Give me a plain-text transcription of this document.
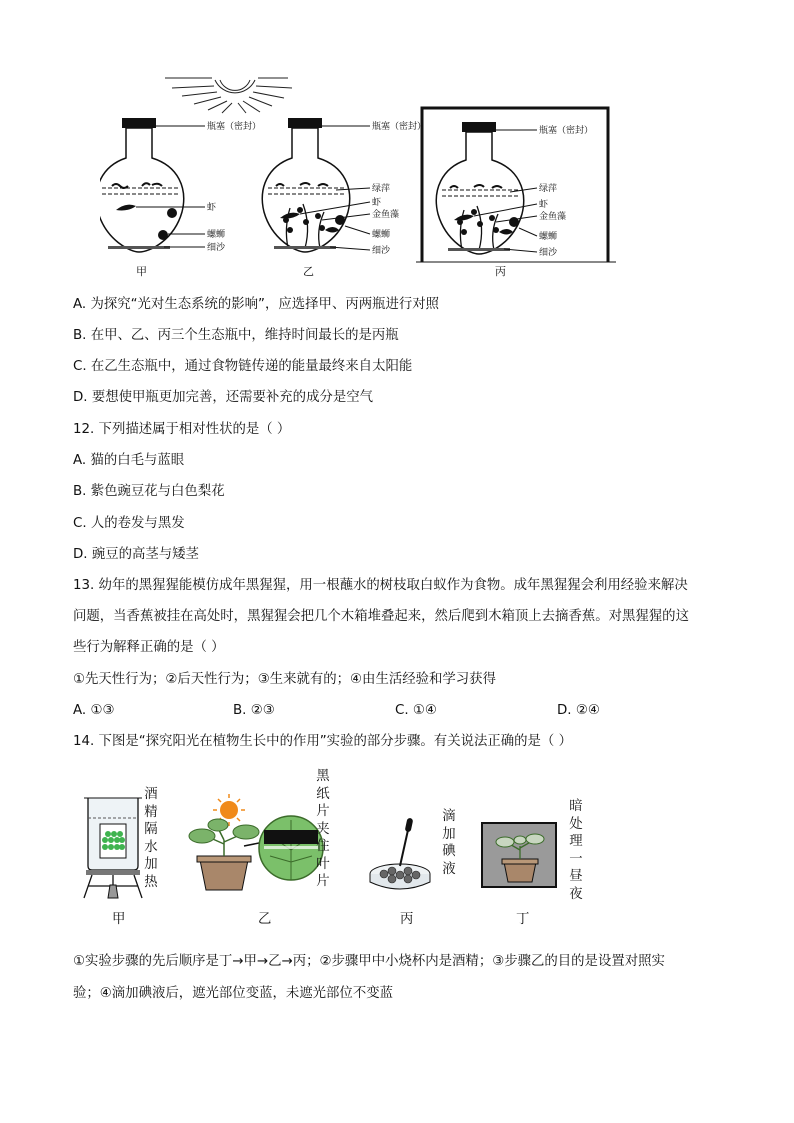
瓶塞（密封）
虾
螺蛳
细沙
甲
瓶塞（密封）
绿萍
虾
金鱼藻
螺蛳
细沙
乙
瓶塞（密封）
绿萍
虾
金鱼藻
螺蛳
细沙
丙
A. 为探究“光对生态系统的影响”，应选择甲、丙两瓶进行对照
B. 在甲、乙、丙三个生态瓶中，维持时间最长的是丙瓶
C. 在乙生态瓶中，通过食物链传递的能量最终来自太阳能
D. 要想使甲瓶更加完善，还需要补充的成分是空气
12. 下列描述属于相对性状的是（ ）
A. 猫的白毛与蓝眼
B. 紫色豌豆花与白色梨花
C. 人的卷发与黑发
D. 豌豆的高茎与矮茎
13. 幼年的黑猩猩能模仿成年黑猩猩，用一根蘸水的树枝取白蚁作为食物。成年黑猩猩会利用经验来解决
问题，当香蕉被挂在高处时，黑猩猩会把几个木箱堆叠起来，然后爬到木箱顶上去摘香蕉。对黑猩猩的这
些行为解释正确的是（ ）
①先天性行为；②后天性行为；③生来就有的；④由生活经验和学习获得
A. ①③	B. ②③	C. ①④	D. ②④
14. 下图是“探究阳光在植物生长中的作用”实验的部分步骤。有关说法正确的是（ ）
酒精隔水加热
黑纸片夹住叶片
滴加碘液
暗处理一昼夜
甲	乙	丙	丁
①实验步骤的先后顺序是丁→甲→乙→丙；②步骤甲中小烧杯内是酒精；③步骤乙的目的是设置对照实
验；④滴加碘液后，遮光部位变蓝，未遮光部位不变蓝
